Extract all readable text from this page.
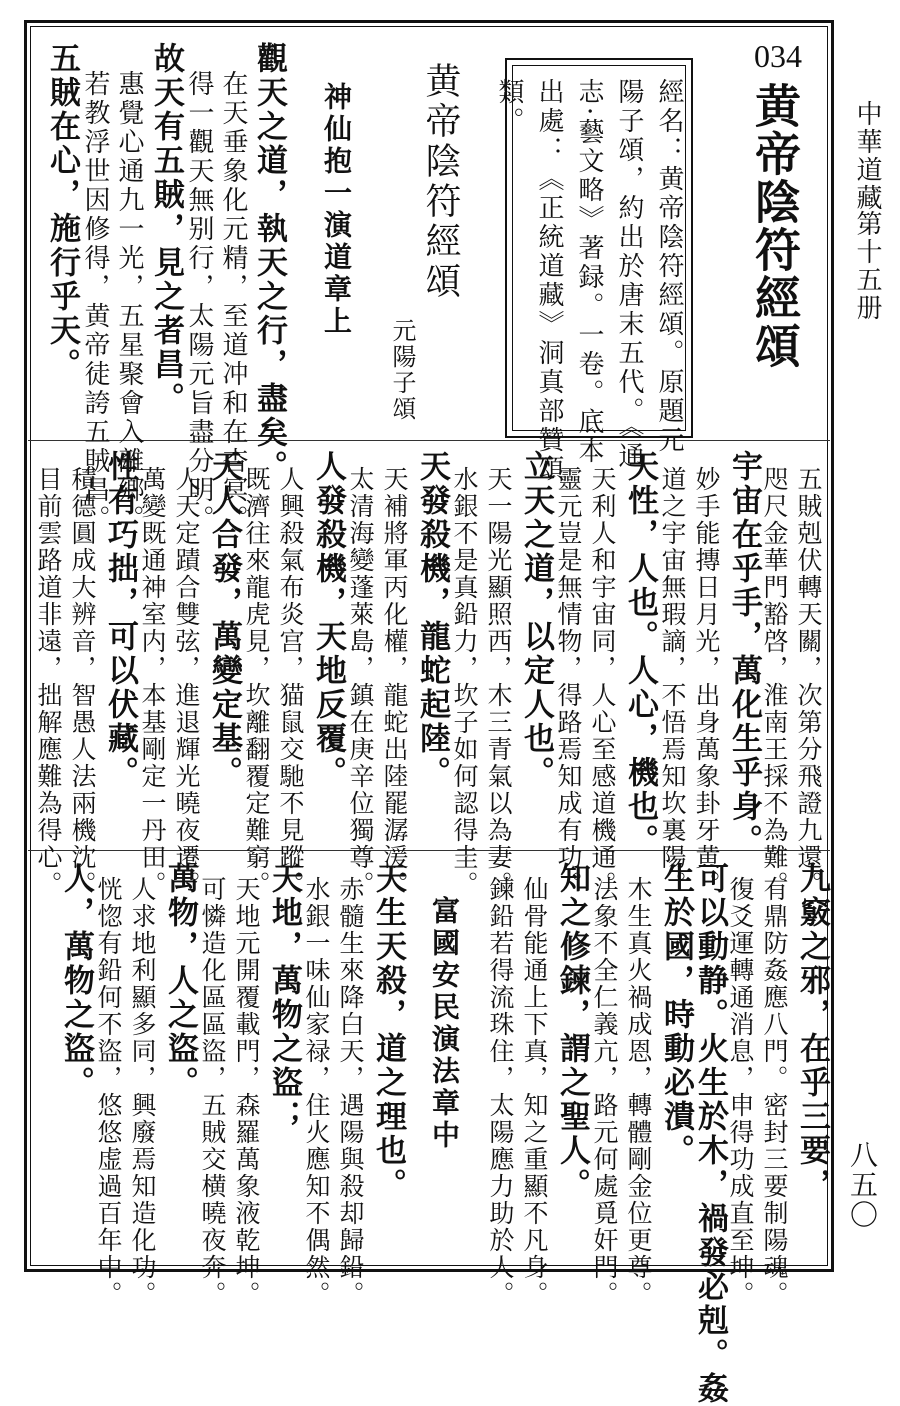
中華道藏
第十五册
八五〇
034
黄帝陰符經頌
經名：黄帝陰符經頌。原題元
陽子頌，約出於唐末五代。《通
志·藝文略》著録。一卷。底本
出處：《正統道藏》洞真部贊頌
類。
黄帝陰符經頌
元陽子頌
神仙抱一演道章上
觀天之道，執天之行，盡矣。
在天垂象化元精，至道冲和在杳冥。
得一觀天無别行，太陽元旨盡分明。
故天有五賊，見之者昌。
惠覺心通九一光，五星聚會入離鄉。
若教浮世因修得，黄帝徒誇五賊昌。
五賊在心，施行乎天。
五賊剋伏轉天關，次第分飛證九還。
咫尺金華門豁啓，淮南王採不為難。
宇宙在乎手，萬化生乎身。
妙手能摶日月光，出身萬象卦牙黄。
道之宇宙無瑕謫，不悟焉知坎裏陽。
天性，人也。人心，機也。
天利人和宇宙同，人心至感道機通。
靈元豈是無情物，得路焉知成有功。
立天之道，以定人也。
天一陽光顯照西，木三青氣以為妻。
水銀不是真鉛力，坎子如何認得圭。
天發殺機，龍蛇起陸。
天補將軍丙化權，龍蛇出陸罷潺湲。
太清海變蓬萊島，鎮在庚辛位獨尊。
人發殺機，天地反覆。
人興殺氣布炎宫，猫鼠交馳不見蹤。
既濟往來龍虎見，坎離翻覆定難窮。
天人合發，萬變定基。
人天定蹟合雙弦，進退輝光曉夜遷。
萬變既通神室内，本基剛定一丹田。
性有巧拙，可以伏藏。
積德圓成大辨音，智愚人法兩機沈。
目前雲路道非遠，拙解應難為得心。
九竅之邪，在乎三要，
有鼎防姦應八門。密封三要制陽魂。
復爻運轉通消息，申得功成直至坤。
可以動静。火生於木，禍發必剋。姦
生於國，時動必潰。
木生真火禍成恩，轉體剛金位更尊。
法象不全仁義亢，路元何處覓奸門。
知之修鍊，謂之聖人。
仙骨能通上下真，知之重顯不凡身。
鍊鉛若得流珠住，太陽應力助於人。
富國安民演法章中
天生天殺，道之理也。
赤髓生來降白天，遇陽與殺却歸鉛。
水銀一味仙家禄，住火應知不偶然。
天地，萬物之盜；
天地元開覆載門，森羅萬象液乾坤。
可憐造化區區盜，五賊交横曉夜奔。
萬物，人之盜。
人求地利顯多同，興廢焉知造化功。
恍惚有鉛何不盜，悠悠虚過百年中。
人，萬物之盜。
